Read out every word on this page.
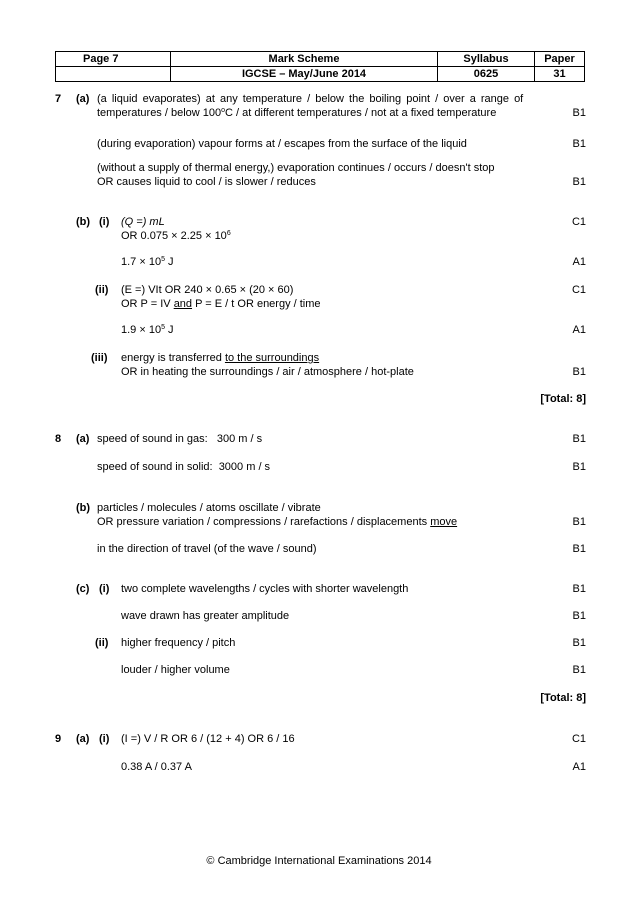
Page 7	Mark Scheme	Syllabus	Paper
	IGCSE – May/June 2014	0625	31
7 (a) (a liquid evaporates) at any temperature / below the boiling point / over a range of
temperatures / below 100$^o$C / at different temperatures / not at a fixed temperature	B1
(during evaporation) vapour forms at / escapes from the surface of the liquid	B1
(without a supply of thermal energy,) evaporation continues / occurs / doesn't stop
OR causes liquid to cool / is slower / reduces	B1
(b) (i) (Q =) mL	C1
OR $0.075 \times 2.25 \times 10^6$
$1.7 \times 10^5$ J	A1
(ii) (E =) VIt OR 240 × 0.65 × (20 × 60)	C1
OR P = IV and P = E / t OR energy / time
$1.9 \times 10^5$ J	A1
(iii) energy is transferred to the surroundings
OR in heating the surroundings / air / atmosphere / hot-plate	B1
[Total: 8]
8 (a) speed of sound in gas:   300 m / s	B1
speed of sound in solid:  3000 m / s	B1
(b) particles / molecules / atoms oscillate / vibrate
OR pressure variation / compressions / rarefactions / displacements move	B1
in the direction of travel (of the wave / sound)	B1
(c) (i) two complete wavelengths / cycles with shorter wavelength	B1
wave drawn has greater amplitude	B1
(ii) higher frequency / pitch	B1
louder / higher volume	B1
[Total: 8]
9 (a) (i) (I =) V / R OR 6 / (12 + 4) OR 6 / 16	C1
0.38 A / 0.37 A	A1
© Cambridge International Examinations 2014
